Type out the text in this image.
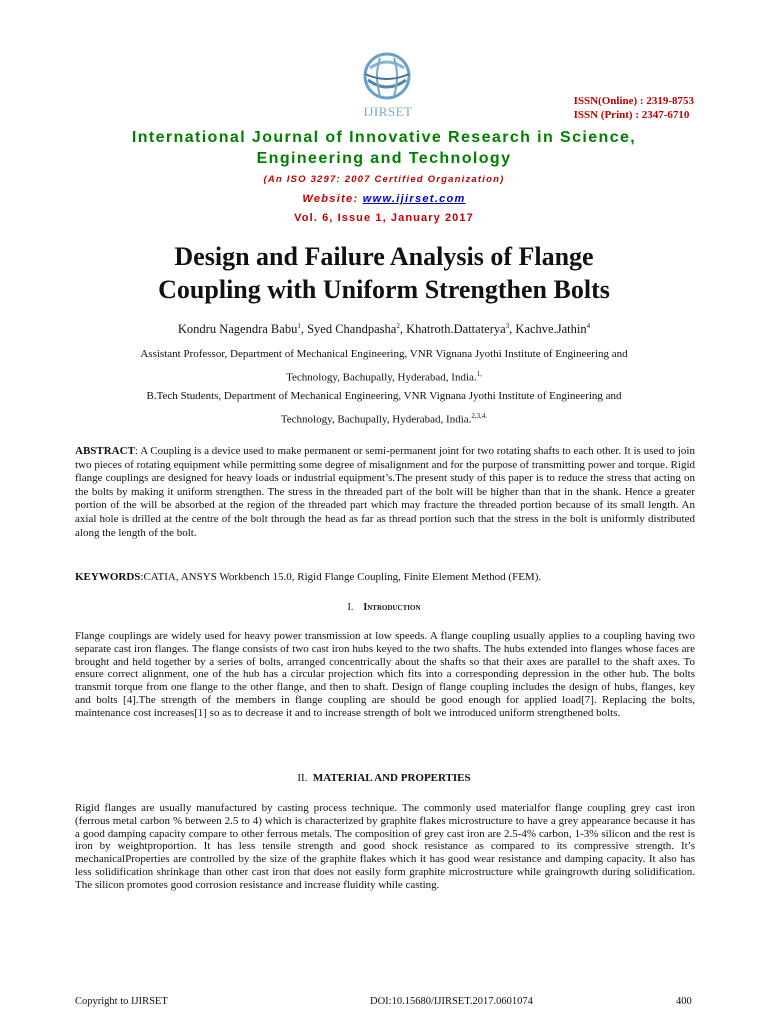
IJIRSET
ISSN(Online) : 2319-8753
ISSN (Print) : 2347-6710
International Journal of Innovative Research in Science,
Engineering and Technology
(An ISO 3297: 2007 Certified Organization)
Website: www.ijirset.com
Vol. 6, Issue 1, January 2017
Design and Failure Analysis of Flange
Coupling with Uniform Strengthen Bolts
Kondru Nagendra Babu$^1$, Syed Chandpasha$^2$, Khatroth.Dattaterya$^3$, Kachve.Jathin$^4$
Assistant Professor, Department of Mechanical Engineering, VNR Vignana Jyothi Institute of Engineering and
Technology, Bachupally, Hyderabad, India.$^{1,}$
B.Tech Students, Department of Mechanical Engineering, VNR Vignana Jyothi Institute of Engineering and
Technology, Bachupally, Hyderabad, India.$^{2,3,4.}$
ABSTRACT: A Coupling is a device used to make permanent or semi-permanent joint for two rotating shafts to each other. It is used to join two pieces of rotating equipment while permitting some degree of misalignment and for the purpose of transmitting power and torque. Rigid flange couplings are designed for heavy loads or industrial equipment’s.The present study of this paper is to reduce the stress that acting on the bolts by making it uniform strengthen. The stress in the threaded part of the bolt will be higher than that in the shank. Hence a greater portion of the will be absorbed at the region of the threaded part which may fracture the threaded portion because of its small length. An axial hole is drilled at the centre of the bolt through the head as far as thread portion such that the stress in the bolt is uniformly distributed along the length of the bolt.
KEYWORDS:CATIA, ANSYS Workbench 15.0, Rigid Flange Coupling, Finite Element Method (FEM).
I. Introduction
Flange couplings are widely used for heavy power transmission at low speeds. A flange coupling usually applies to a coupling having two separate cast iron flanges. The flange consists of two cast iron hubs keyed to the two shafts. The hubs extended into flanges whose faces are brought and held together by a series of bolts, arranged concentrically about the shafts so that their axes are parallel to the shaft axes. To ensure correct alignment, one of the hub has a circular projection which fits into a corresponding depression in the other hub. The bolts transmit torque from one flange to the other flange, and then to shaft. Design of flange coupling includes the design of hubs, flanges, key and bolts [4].The strength of the members in flange coupling are should be good enough for applied load[7]. Replacing the bolts, maintenance cost increases[1] so as to decrease it and to increase strength of bolt we introduced uniform strengthened bolts.
II. MATERIAL AND PROPERTIES
Rigid flanges are usually manufactured by casting process technique. The commonly used materialfor flange coupling grey cast iron (ferrous metal carbon % between 2.5 to 4) which is characterized by graphite flakes microstructure to have a grey appearance because it has a good damping capacity compare to other ferrous metals. The composition of grey cast iron are 2.5-4% carbon, 1-3% silicon and the rest is iron by weightproportion. It has less tensile strength and good shock resistance as compared to its compressive strength. It’s mechanicalProperties are controlled by the size of the graphite flakes which it has good wear resistance and damping capacity. It also has less solidification shrinkage than other cast iron that does not easily form graphite microstructure while graingrowth during solidification. The silicon promotes good corrosion resistance and increase fluidity while casting.
Copyright to IJIRSET	DOI:10.15680/IJIRSET.2017.0601074	400
